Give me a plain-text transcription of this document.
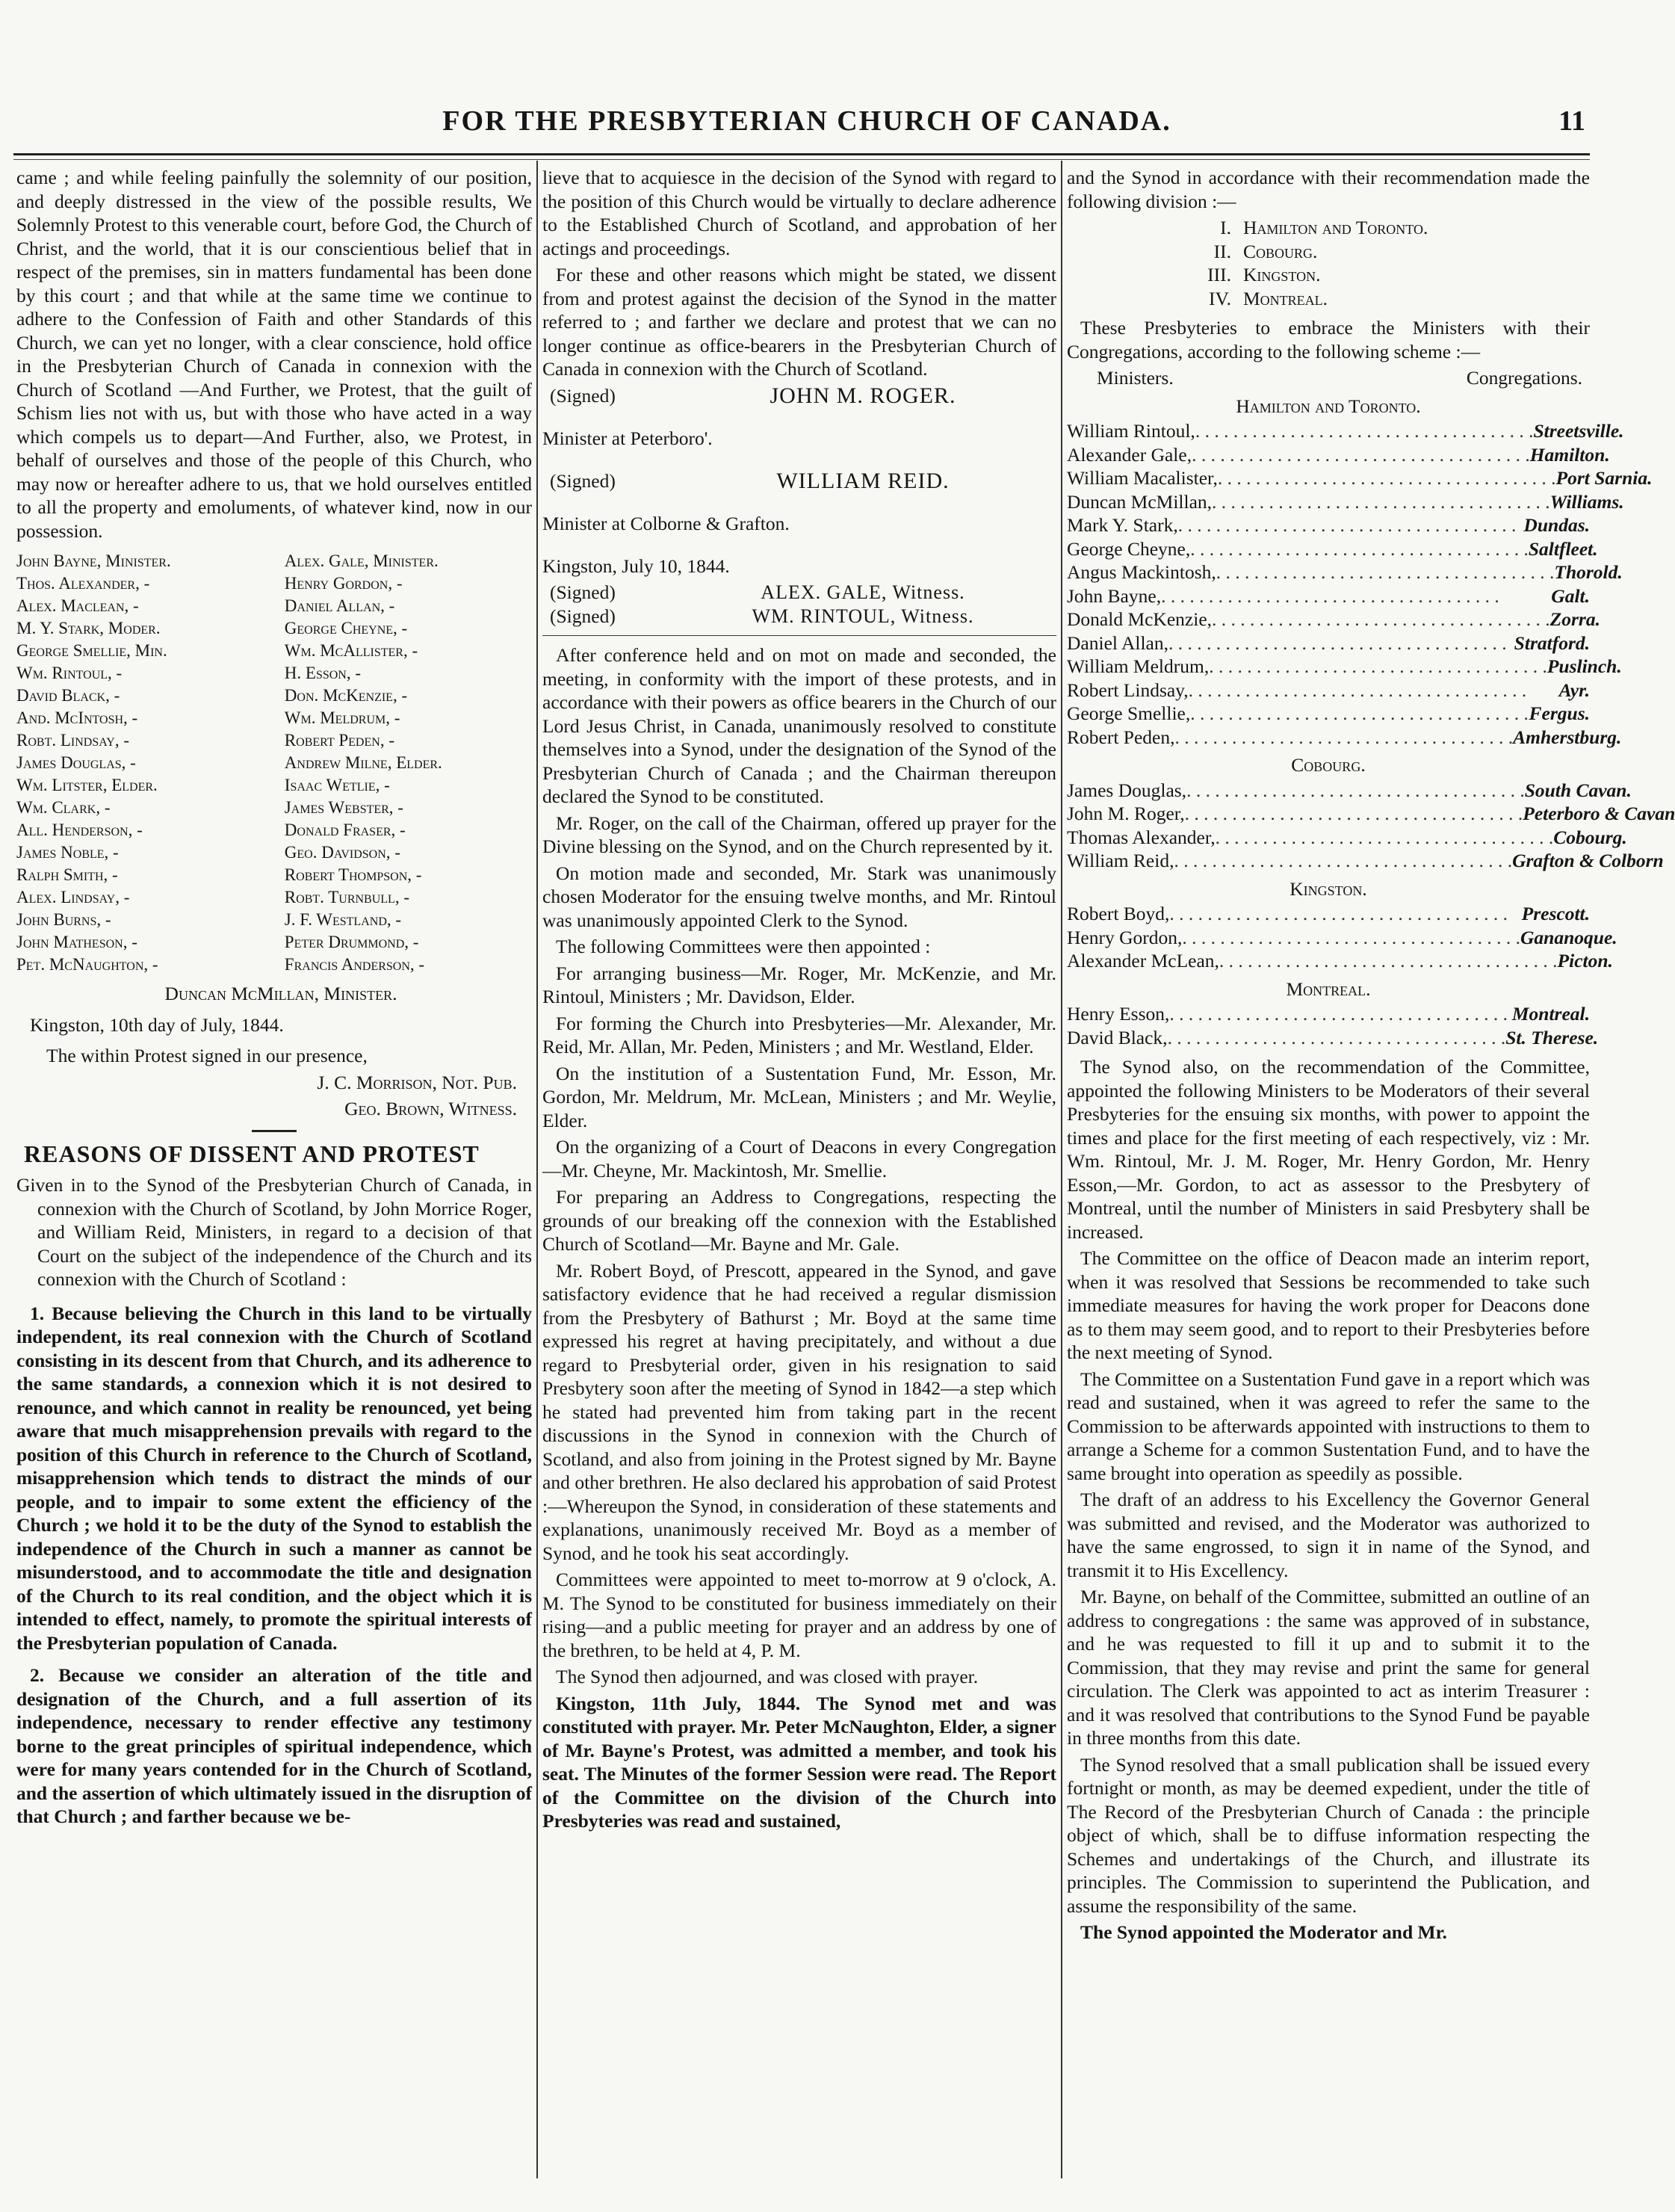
FOR THE PRESBYTERIAN CHURCH OF CANADA.	11

came ; and while feeling painfully the solemnity of our position, and deeply distressed in the view of the possible results, We Solemnly Protest to this venerable court, before God, the Church of Christ, and the world, that it is our conscientious belief that in respect of the premises, sin in matters fundamental has been done by this court ; and that while at the same time we continue to adhere to the Confession of Faith and other Standards of this Church, we can yet no longer, with a clear conscience, hold office in the Presbyterian Church of Canada in connexion with the Church of Scotland —And Further, we Protest, that the guilt of Schism lies not with us, but with those who have acted in a way which compels us to depart—And Further, also, we Protest, in behalf of ourselves and those of the people of this Church, who may now or hereafter adhere to us, that we hold ourselves entitled to all the property and emoluments, of whatever kind, now in our possession.

John Bayne, Minister.	Alex. Gale, Minister.
Thos. Alexander, -	Henry Gordon, -
Alex. Maclean, -	Daniel Allan, -
M. Y. Stark, Moder.	George Cheyne, -
George Smellie, Min.	Wm. McAllister, -
Wm. Rintoul, -	H. Esson, -
David Black, -	Don. McKenzie, -
And. McIntosh, -	Wm. Meldrum, -
Robt. Lindsay, -	Robert Peden, -
James Douglas, -	Andrew Milne, Elder.
Wm. Litster, Elder.	Isaac Wetlie, -
Wm. Clark, -	James Webster, -
All. Henderson, -	Donald Fraser, -
James Noble, -	Geo. Davidson, -
Ralph Smith, -	Robert Thompson, -
Alex. Lindsay, -	Robt. Turnbull, -
John Burns, -	J. F. Westland, -
John Matheson, -	Peter Drummond, -
Pet. McNaughton, -	Francis Anderson, -

Duncan McMillan, Minister.

Kingston, 10th day of July, 1844.

The within Protest signed in our presence,

J. C. Morrison, Not. Pub.

Geo. Brown, Witness.

REASONS OF DISSENT AND PROTEST

Given in to the Synod of the Presbyterian Church of Canada, in connexion with the Church of Scotland, by John Morrice Roger, and William Reid, Ministers, in regard to a decision of that Court on the subject of the independence of the Church and its connexion with the Church of Scotland :

1. Because believing the Church in this land to be virtually independent, its real connexion with the Church of Scotland consisting in its descent from that Church, and its adherence to the same standards, a connexion which it is not desired to renounce, and which cannot in reality be renounced, yet being aware that much misapprehension prevails with regard to the position of this Church in reference to the Church of Scotland, misapprehension which tends to distract the minds of our people, and to impair to some extent the efficiency of the Church ; we hold it to be the duty of the Synod to establish the independence of the Church in such a manner as cannot be misunderstood, and to accommodate the title and designation of the Church to its real condition, and the object which it is intended to effect, namely, to promote the spiritual interests of the Presbyterian population of Canada.

2. Because we consider an alteration of the title and designation of the Church, and a full assertion of its independence, necessary to render effective any testimony borne to the great principles of spiritual independence, which were for many years contended for in the Church of Scotland, and the assertion of which ultimately issued in the disruption of that Church ; and farther because we be-

lieve that to acquiesce in the decision of the Synod with regard to the position of this Church would be virtually to declare adherence to the Established Church of Scotland, and approbation of her actings and proceedings.

For these and other reasons which might be stated, we dissent from and protest against the decision of the Synod in the matter referred to ; and farther we declare and protest that we can no longer continue as office-bearers in the Presbyterian Church of Canada in connexion with the Church of Scotland.

(Signed)	JOHN M. ROGER.

Minister at Peterboro'.

(Signed)	WILLIAM REID.

Minister at Colborne & Grafton.

Kingston, July 10, 1844.

(Signed)	ALEX. GALE, Witness.
(Signed)	WM. RINTOUL, Witness.

After conference held and on mot on made and seconded, the meeting, in conformity with the import of these protests, and in accordance with their powers as office bearers in the Church of our Lord Jesus Christ, in Canada, unanimously resolved to constitute themselves into a Synod, under the designation of the Synod of the Presbyterian Church of Canada ; and the Chairman thereupon declared the Synod to be constituted.

Mr. Roger, on the call of the Chairman, offered up prayer for the Divine blessing on the Synod, and on the Church represented by it.

On motion made and seconded, Mr. Stark was unanimously chosen Moderator for the ensuing twelve months, and Mr. Rintoul was unanimously appointed Clerk to the Synod.

The following Committees were then appointed :

For arranging business—Mr. Roger, Mr. McKenzie, and Mr. Rintoul, Ministers ; Mr. Davidson, Elder.

For forming the Church into Presbyteries—Mr. Alexander, Mr. Reid, Mr. Allan, Mr. Peden, Ministers ; and Mr. Westland, Elder.

On the institution of a Sustentation Fund, Mr. Esson, Mr. Gordon, Mr. Meldrum, Mr. McLean, Ministers ; and Mr. Weylie, Elder.

On the organizing of a Court of Deacons in every Congregation—Mr. Cheyne, Mr. Mackintosh, Mr. Smellie.

For preparing an Address to Congregations, respecting the grounds of our breaking off the connexion with the Established Church of Scotland—Mr. Bayne and Mr. Gale.

Mr. Robert Boyd, of Prescott, appeared in the Synod, and gave satisfactory evidence that he had received a regular dismission from the Presbytery of Bathurst ; Mr. Boyd at the same time expressed his regret at having precipitately, and without a due regard to Presbyterial order, given in his resignation to said Presbytery soon after the meeting of Synod in 1842—a step which he stated had prevented him from taking part in the recent discussions in the Synod in connexion with the Church of Scotland, and also from joining in the Protest signed by Mr. Bayne and other brethren. He also declared his approbation of said Protest :—Whereupon the Synod, in consideration of these statements and explanations, unanimously received Mr. Boyd as a member of Synod, and he took his seat accordingly.

Committees were appointed to meet to-morrow at 9 o'clock, A. M. The Synod to be constituted for business immediately on their rising—and a public meeting for prayer and an address by one of the brethren, to be held at 4, P. M.

The Synod then adjourned, and was closed with prayer.

Kingston, 11th July, 1844. The Synod met and was constituted with prayer. Mr. Peter McNaughton, Elder, a signer of Mr. Bayne's Protest, was admitted a member, and took his seat. The Minutes of the former Session were read. The Report of the Committee on the division of the Church into Presbyteries was read and sustained,

and the Synod in accordance with their recommendation made the following division :—

I. Hamilton and Toronto.
II. Cobourg.
III. Kingston.
IV. Montreal.

These Presbyteries to embrace the Ministers with their Congregations, according to the following scheme :—

Ministers.	Congregations.
Hamilton and Toronto.
William Rintoul, . . . . . . . . . . . . . . . . . . . . . . . . . . . . . . . . . . . . Streetsville.
Alexander Gale, . . . . . . . . . . . . . . . . . . . . . . . . . . . . . . . . . . . . Hamilton.
William Macalister, . . . . . . . . . . . . . . . . . . . . . . . . . . . . . . . . . . . . Port Sarnia.
Duncan McMillan, . . . . . . . . . . . . . . . . . . . . . . . . . . . . . . . . . . . . Williams.
Mark Y. Stark, . . . . . . . . . . . . . . . . . . . . . . . . . . . . . . . . . . . . Dundas.
George Cheyne, . . . . . . . . . . . . . . . . . . . . . . . . . . . . . . . . . . . . Saltfleet.
Angus Mackintosh, . . . . . . . . . . . . . . . . . . . . . . . . . . . . . . . . . . . . Thorold.
John Bayne, . . . . . . . . . . . . . . . . . . . . . . . . . . . . . . . . . . . .	Galt.
Donald McKenzie, . . . . . . . . . . . . . . . . . . . . . . . . . . . . . . . . . . . . Zorra.
Daniel Allan, . . . . . . . . . . . . . . . . . . . . . . . . . . . . . . . . . . . . Stratford.
William Meldrum, . . . . . . . . . . . . . . . . . . . . . . . . . . . . . . . . . . . . Puslinch.
Robert Lindsay, . . . . . . . . . . . . . . . . . . . . . . . . . . . . . . . . . . . .	Ayr.
George Smellie, . . . . . . . . . . . . . . . . . . . . . . . . . . . . . . . . . . . . Fergus.
Robert Peden, . . . . . . . . . . . . . . . . . . . . . . . . . . . . . . . . . . . . Amherstburg.
Cobourg.
James Douglas, . . . . . . . . . . . . . . . . . . . . . . . . . . . . . . . . . . . . South Cavan.
John M. Roger, . . . . . . . . . . . . . . . . . . . . . . . . . . . . . . . . . . . . Peterboro & Cavan
Thomas Alexander, . . . . . . . . . . . . . . . . . . . . . . . . . . . . . . . . . . . . Cobourg.
William Reid, . . . . . . . . . . . . . . . . . . . . . . . . . . . . . . . . . . . . Grafton & Colborn
Kingston.
Robert Boyd, . . . . . . . . . . . . . . . . . . . . . . . . . . . . . . . . . . . . Prescott.
Henry Gordon, . . . . . . . . . . . . . . . . . . . . . . . . . . . . . . . . . . . . Gananoque.
Alexander McLean, . . . . . . . . . . . . . . . . . . . . . . . . . . . . . . . . . . . . Picton.
Montreal.
Henry Esson, . . . . . . . . . . . . . . . . . . . . . . . . . . . . . . . . . . . . Montreal.
David Black, . . . . . . . . . . . . . . . . . . . . . . . . . . . . . . . . . . . . St. Therese.

The Synod also, on the recommendation of the Committee, appointed the following Ministers to be Moderators of their several Presbyteries for the ensuing six months, with power to appoint the times and place for the first meeting of each respectively, viz : Mr. Wm. Rintoul, Mr. J. M. Roger, Mr. Henry Gordon, Mr. Henry Esson,—Mr. Gordon, to act as assessor to the Presbytery of Montreal, until the number of Ministers in said Presbytery shall be increased.

The Committee on the office of Deacon made an interim report, when it was resolved that Sessions be recommended to take such immediate measures for having the work proper for Deacons done as to them may seem good, and to report to their Presbyteries before the next meeting of Synod.

The Committee on a Sustentation Fund gave in a report which was read and sustained, when it was agreed to refer the same to the Commission to be afterwards appointed with instructions to them to arrange a Scheme for a common Sustentation Fund, and to have the same brought into operation as speedily as possible.

The draft of an address to his Excellency the Governor General was submitted and revised, and the Moderator was authorized to have the same engrossed, to sign it in name of the Synod, and transmit it to His Excellency.

Mr. Bayne, on behalf of the Committee, submitted an outline of an address to congregations : the same was approved of in substance, and he was requested to fill it up and to submit it to the Commission, that they may revise and print the same for general circulation. The Clerk was appointed to act as interim Treasurer : and it was resolved that contributions to the Synod Fund be payable in three months from this date.

The Synod resolved that a small publication shall be issued every fortnight or month, as may be deemed expedient, under the title of The Record of the Presbyterian Church of Canada : the principle object of which, shall be to diffuse information respecting the Schemes and undertakings of the Church, and illustrate its principles. The Commission to superintend the Publication, and assume the responsibility of the same.

The Synod appointed the Moderator and Mr.
